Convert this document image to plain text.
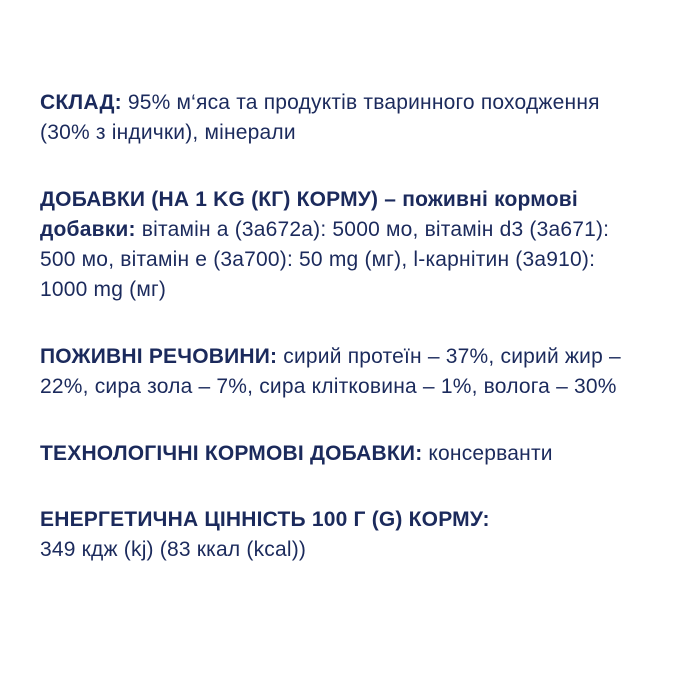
СКЛАД: 95% м‘яса та продуктів тваринного походження (30% з індички), мінерали

ДОБАВКИ (НА 1 KG (КГ) КОРМУ) – поживні кормові добавки: вітамін а (3а672а): 5000 мо, вітамін d3 (3а671): 500 мо, вітамін е (3а700): 50 mg (мг), l-карнітин (3а910): 1000 mg (мг)

ПОЖИВНІ РЕЧОВИНИ: сирий протеїн – 37%, сирий жир – 22%, сира зола – 7%, сира клітковина – 1%, волога – 30%

ТЕХНОЛОГІЧНІ КОРМОВІ ДОБАВКИ: консерванти

ЕНЕРГЕТИЧНА ЦІННІСТЬ 100 Г (G) КОРМУ:
349 кдж (kj) (83 ккал (kcal))
